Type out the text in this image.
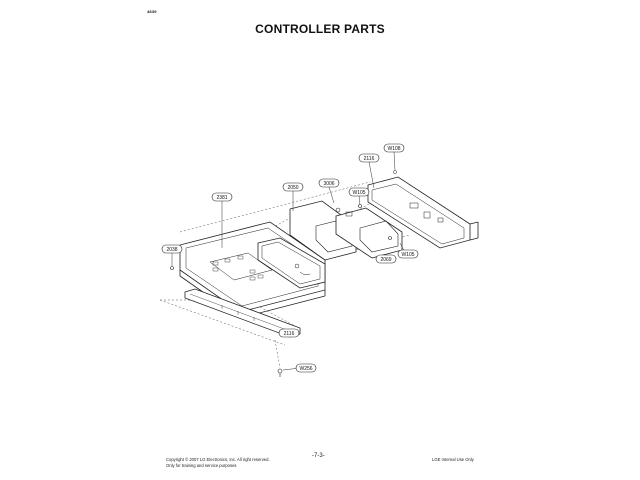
4839
CONTROLLER PARTS
2381
2038
2050
3006
2116
W108
W105
2069
W105
2116
W256
Copyright © 2007 LG Electronics, Inc. All right reserved.
Only for training and service purposes
-7-3-
LGE Internal Use Only
